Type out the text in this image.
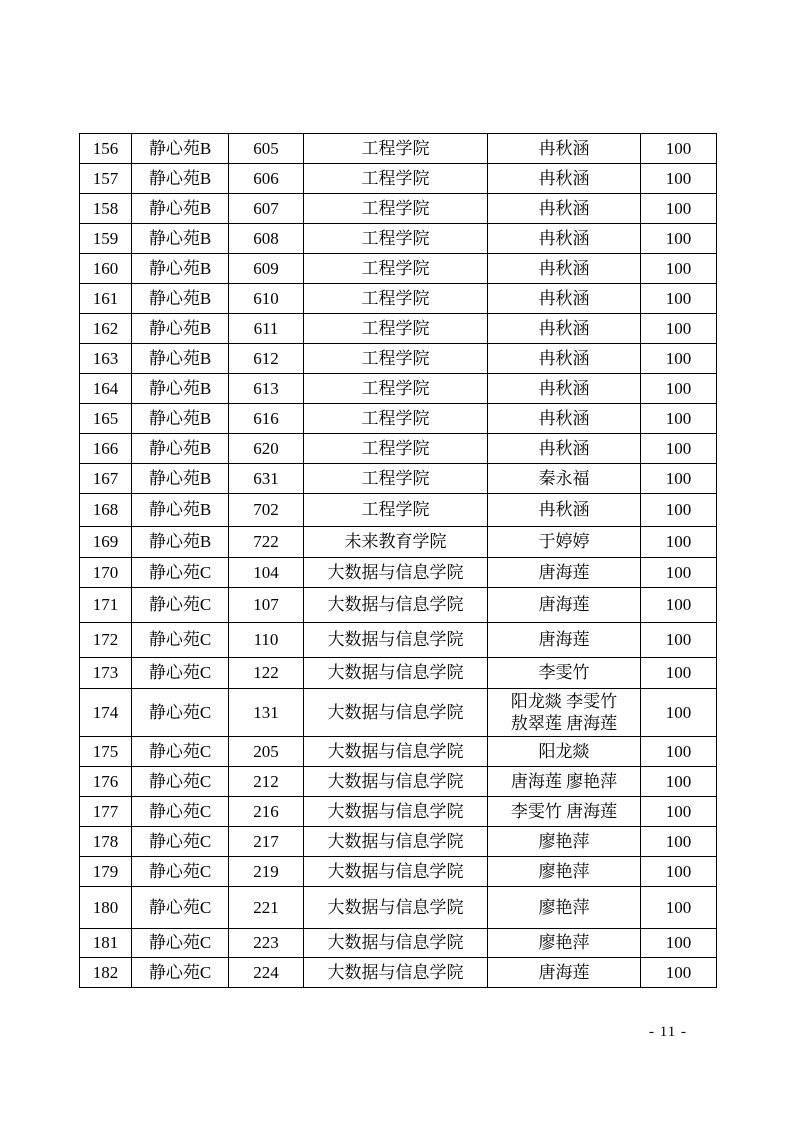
156	静心苑B	605	工程学院	冉秋涵	100
157	静心苑B	606	工程学院	冉秋涵	100
158	静心苑B	607	工程学院	冉秋涵	100
159	静心苑B	608	工程学院	冉秋涵	100
160	静心苑B	609	工程学院	冉秋涵	100
161	静心苑B	610	工程学院	冉秋涵	100
162	静心苑B	611	工程学院	冉秋涵	100
163	静心苑B	612	工程学院	冉秋涵	100
164	静心苑B	613	工程学院	冉秋涵	100
165	静心苑B	616	工程学院	冉秋涵	100
166	静心苑B	620	工程学院	冉秋涵	100
167	静心苑B	631	工程学院	秦永福	100
168	静心苑B	702	工程学院	冉秋涵	100
169	静心苑B	722	未来教育学院	于婷婷	100
170	静心苑C	104	大数据与信息学院	唐海莲	100
171	静心苑C	107	大数据与信息学院	唐海莲	100
172	静心苑C	110	大数据与信息学院	唐海莲	100
173	静心苑C	122	大数据与信息学院	李雯竹	100
174	静心苑C	131	大数据与信息学院	阳龙燚 李雯竹
敖翠莲 唐海莲	100
175	静心苑C	205	大数据与信息学院	阳龙燚	100
176	静心苑C	212	大数据与信息学院	唐海莲 廖艳萍	100
177	静心苑C	216	大数据与信息学院	李雯竹 唐海莲	100
178	静心苑C	217	大数据与信息学院	廖艳萍	100
179	静心苑C	219	大数据与信息学院	廖艳萍	100
180	静心苑C	221	大数据与信息学院	廖艳萍	100
181	静心苑C	223	大数据与信息学院	廖艳萍	100
182	静心苑C	224	大数据与信息学院	唐海莲	100
- 11 -
